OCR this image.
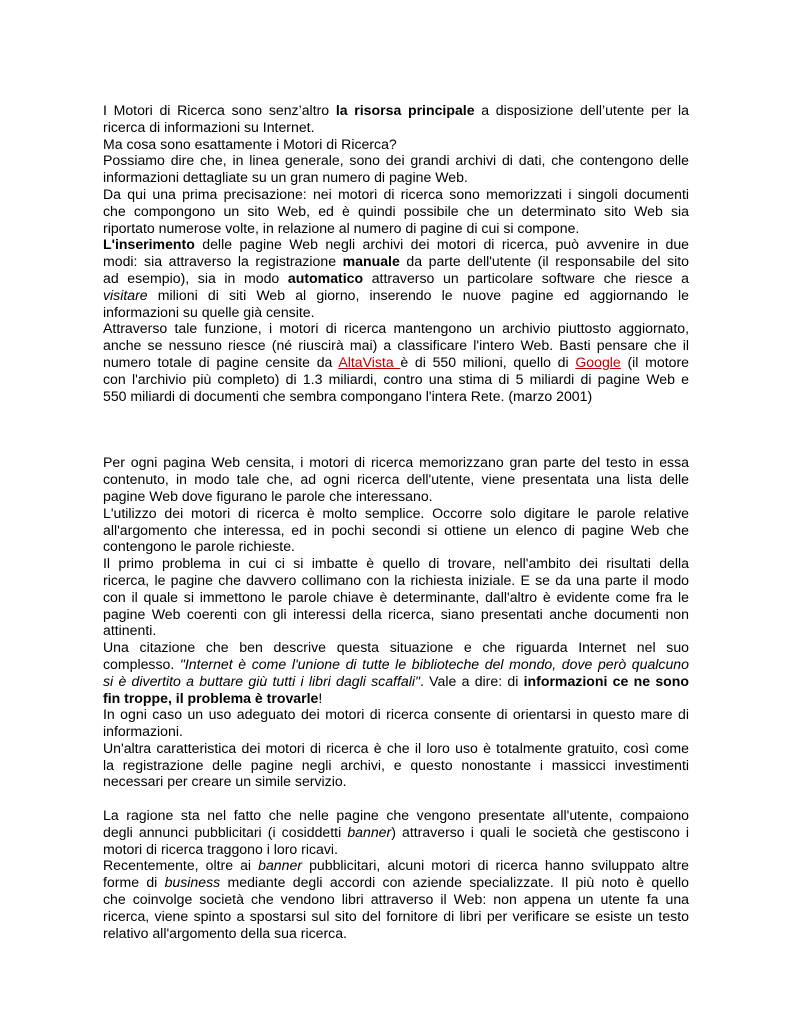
I Motori di Ricerca sono senz’altro la risorsa principale a disposizione dell’utente per la
ricerca di informazioni su Internet.
Ma cosa sono esattamente i Motori di Ricerca?
Possiamo dire che, in linea generale, sono dei grandi archivi di dati, che contengono delle
informazioni dettagliate su un gran numero di pagine Web.
Da qui una prima precisazione: nei motori di ricerca sono memorizzati i singoli documenti
che compongono un sito Web, ed è quindi possibile che un determinato sito Web sia
riportato numerose volte, in relazione al numero di pagine di cui si compone.
L'inserimento delle pagine Web negli archivi dei motori di ricerca, può avvenire in due
modi: sia attraverso la registrazione manuale da parte dell'utente (il responsabile del sito
ad esempio), sia in modo automatico attraverso un particolare software che riesce a
visitare milioni di siti Web al giorno, inserendo le nuove pagine ed aggiornando le
informazioni su quelle già censite.
Attraverso tale funzione, i motori di ricerca mantengono un archivio piuttosto aggiornato,
anche se nessuno riesce (né riuscirà mai) a classificare l'intero Web. Basti pensare che il
numero totale di pagine censite da AltaVista è di 550 milioni, quello di Google (il motore
con l'archivio più completo) di 1.3 miliardi, contro una stima di 5 miliardi di pagine Web e
550 miliardi di documenti che sembra compongano l'intera Rete. (marzo 2001)
Per ogni pagina Web censita, i motori di ricerca memorizzano gran parte del testo in essa
contenuto, in modo tale che, ad ogni ricerca dell'utente, viene presentata una lista delle
pagine Web dove figurano le parole che interessano.
L'utilizzo dei motori di ricerca è molto semplice. Occorre solo digitare le parole relative
all'argomento che interessa, ed in pochi secondi si ottiene un elenco di pagine Web che
contengono le parole richieste.
Il primo problema in cui ci si imbatte è quello di trovare, nell'ambito dei risultati della
ricerca, le pagine che davvero collimano con la richiesta iniziale. E se da una parte il modo
con il quale si immettono le parole chiave è determinante, dall'altro è evidente come fra le
pagine Web coerenti con gli interessi della ricerca, siano presentati anche documenti non
attinenti.
Una citazione che ben descrive questa situazione e che riguarda Internet nel suo
complesso. "Internet è come l'unione di tutte le biblioteche del mondo, dove però qualcuno
si è divertito a buttare giù tutti i libri dagli scaffali". Vale a dire: di informazioni ce ne sono
fin troppe, il problema è trovarle!
In ogni caso un uso adeguato dei motori di ricerca consente di orientarsi in questo mare di
informazioni.
Un'altra caratteristica dei motori di ricerca è che il loro uso è totalmente gratuito, così come
la registrazione delle pagine negli archivi, e questo nonostante i massicci investimenti
necessari per creare un simile servizio.
La ragione sta nel fatto che nelle pagine che vengono presentate all'utente, compaiono
degli annunci pubblicitari (i cosiddetti banner) attraverso i quali le società che gestiscono i
motori di ricerca traggono i loro ricavi.
Recentemente, oltre ai banner pubblicitari, alcuni motori di ricerca hanno sviluppato altre
forme di business mediante degli accordi con aziende specializzate. Il più noto è quello
che coinvolge società che vendono libri attraverso il Web: non appena un utente fa una
ricerca, viene spinto a spostarsi sul sito del fornitore di libri per verificare se esiste un testo
relativo all'argomento della sua ricerca.
